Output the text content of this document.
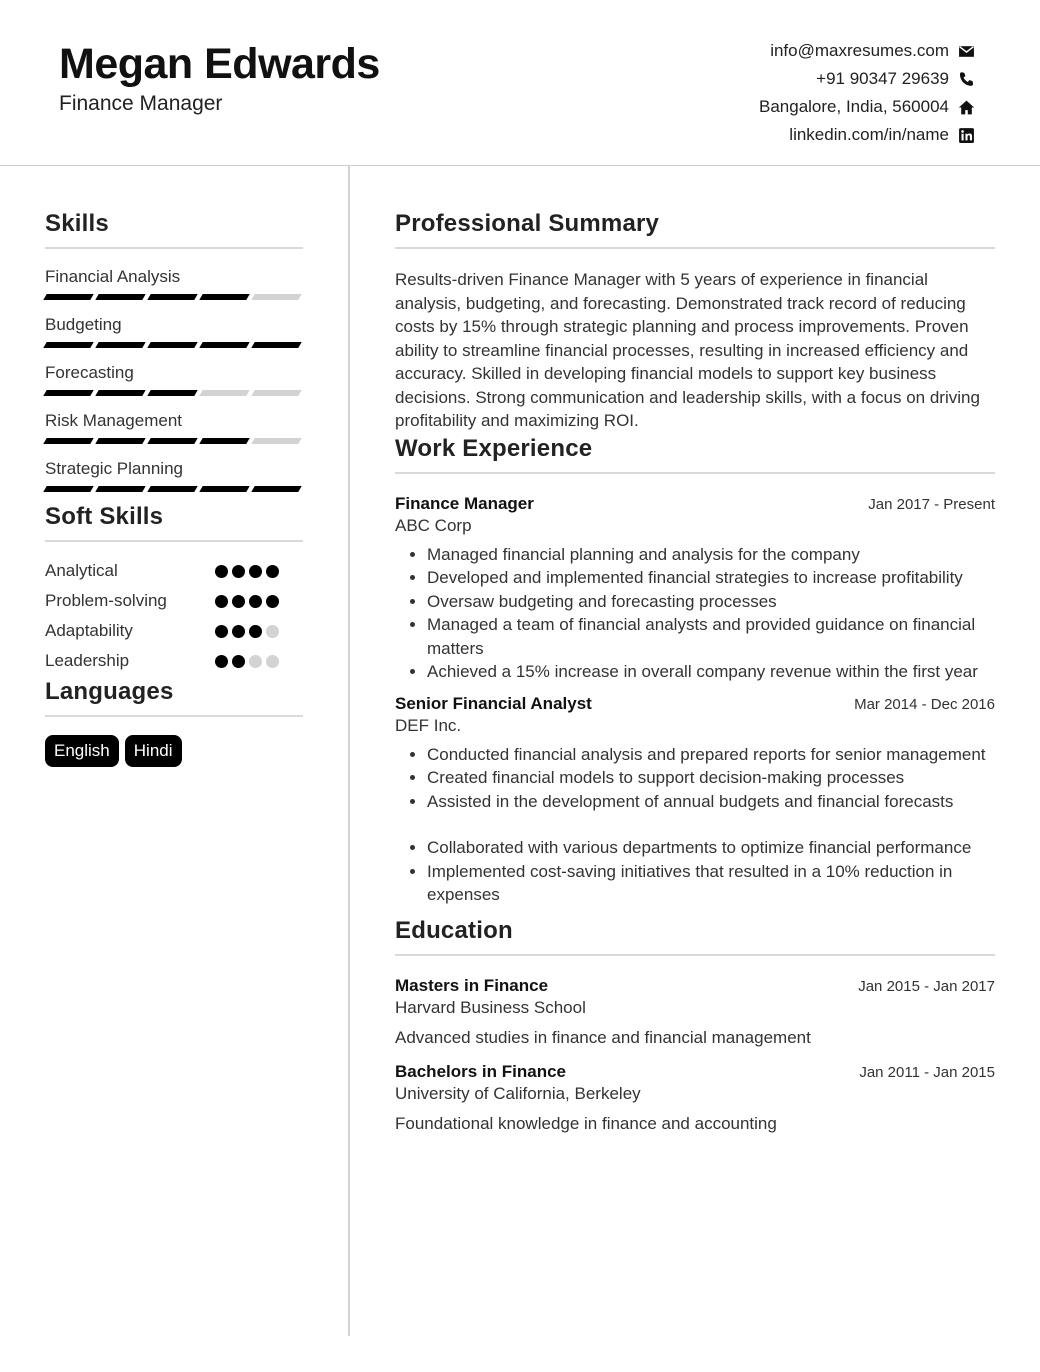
Megan Edwards
Finance Manager
info@maxresumes.com
+91 90347 29639
Bangalore, India, 560004
linkedin.com/in/name
Skills
Financial Analysis
Budgeting
Forecasting
Risk Management
Strategic Planning
Soft Skills
Analytical
Problem-solving
Adaptability
Leadership
Languages
English	Hindi
Professional Summary
Results-driven Finance Manager with 5 years of experience in financial analysis, budgeting, and forecasting. Demonstrated track record of reducing costs by 15% through strategic planning and process improvements. Proven ability to streamline financial processes, resulting in increased efficiency and accuracy. Skilled in developing financial models to support key business decisions. Strong communication and leadership skills, with a focus on driving profitability and maximizing ROI.
Work Experience
Finance Manager	Jan 2017 - Present
ABC Corp
• Managed financial planning and analysis for the company
• Developed and implemented financial strategies to increase profitability
• Oversaw budgeting and forecasting processes
• Managed a team of financial analysts and provided guidance on financial matters
• Achieved a 15% increase in overall company revenue within the first year
Senior Financial Analyst	Mar 2014 - Dec 2016
DEF Inc.
• Conducted financial analysis and prepared reports for senior management
• Created financial models to support decision-making processes
• Assisted in the development of annual budgets and financial forecasts
• Collaborated with various departments to optimize financial performance
• Implemented cost-saving initiatives that resulted in a 10% reduction in expenses
Education
Masters in Finance	Jan 2015 - Jan 2017
Harvard Business School
Advanced studies in finance and financial management
Bachelors in Finance	Jan 2011 - Jan 2015
University of California, Berkeley
Foundational knowledge in finance and accounting
